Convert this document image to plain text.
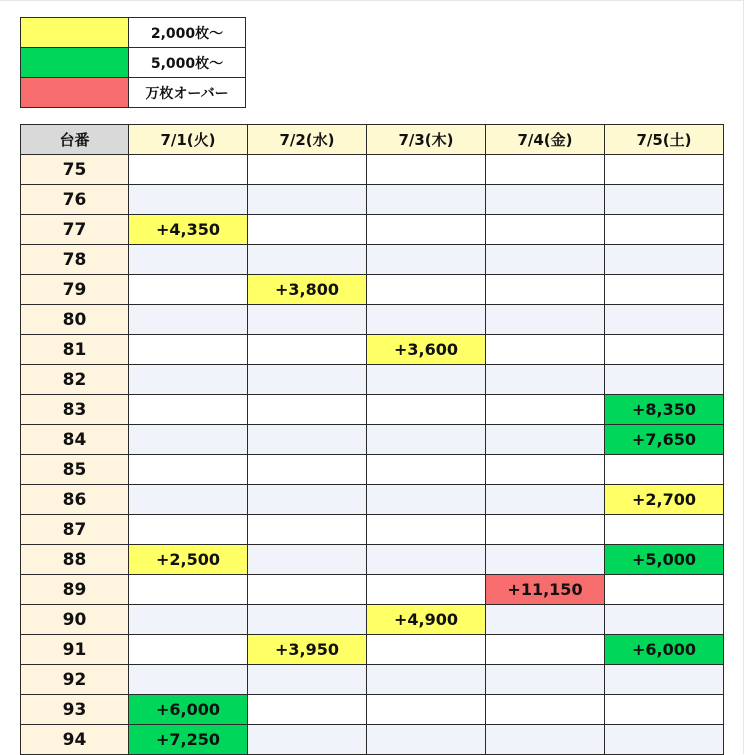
	2,000枚～
	5,000枚～
	万枚オーバー
台番	7/1(火)	7/2(水)	7/3(木)	7/4(金)	7/5(土)
75					
76					
77	+4,350				
78					
79		+3,800			
80					
81			+3,600		
82					
83					+8,350
84					+7,650
85					
86					+2,700
87					
88	+2,500				+5,000
89				+11,150	
90			+4,900		
91		+3,950			+6,000
92					
93	+6,000				
94	+7,250				
